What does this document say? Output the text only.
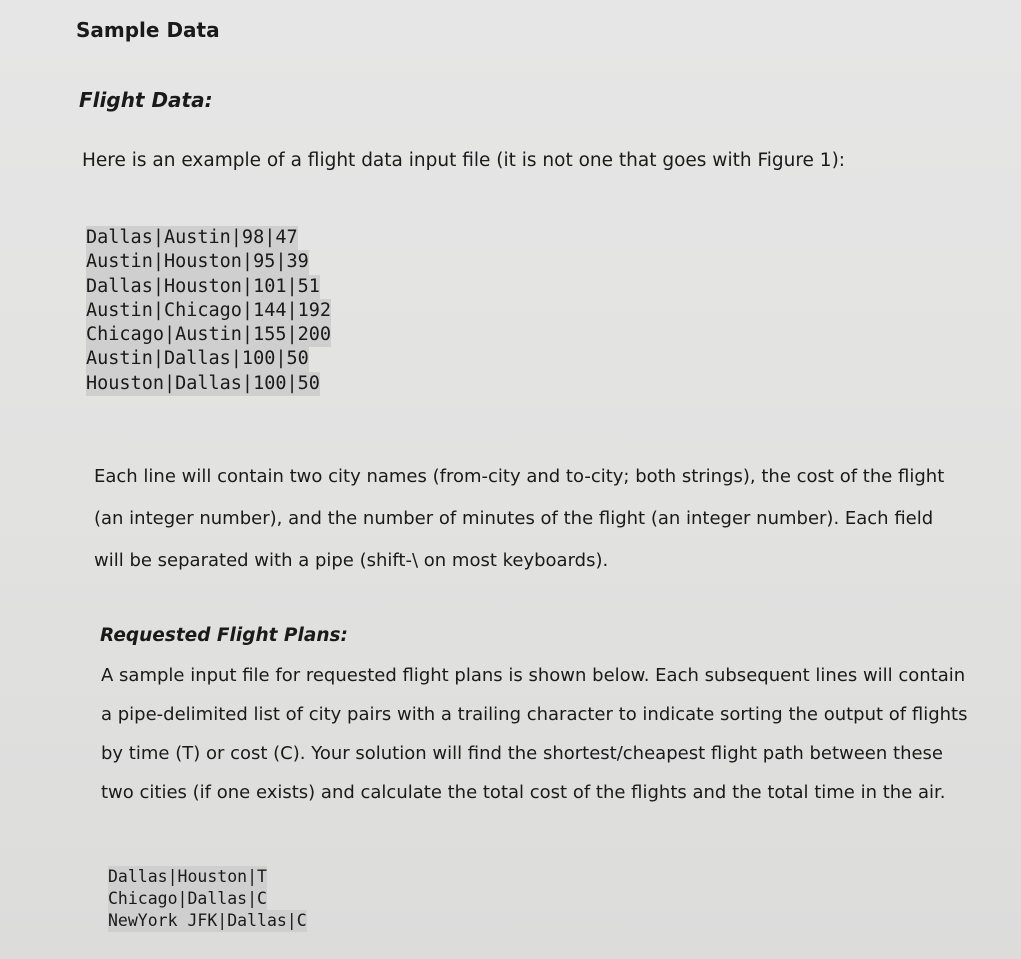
Sample Data
Flight Data:

Here is an example of a flight data input file (it is not one that goes with Figure 1):

Dallas|Austin|98|47
Austin|Houston|95|39
Dallas|Houston|101|51
Austin|Chicago|144|192
Chicago|Austin|155|200
Austin|Dallas|100|50
Houston|Dallas|100|50

Each line will contain two city names (from-city and to-city; both strings), the cost of the flight
(an integer number), and the number of minutes of the flight (an integer number). Each field
will be separated with a pipe (shift-\ on most keyboards).

Requested Flight Plans:

A sample input file for requested flight plans is shown below. Each subsequent lines will contain
a pipe-delimited list of city pairs with a trailing character to indicate sorting the output of flights
by time (T) or cost (C). Your solution will find the shortest/cheapest flight path between these
two cities (if one exists) and calculate the total cost of the flights and the total time in the air.

Dallas|Houston|T
Chicago|Dallas|C
NewYork JFK|Dallas|C
